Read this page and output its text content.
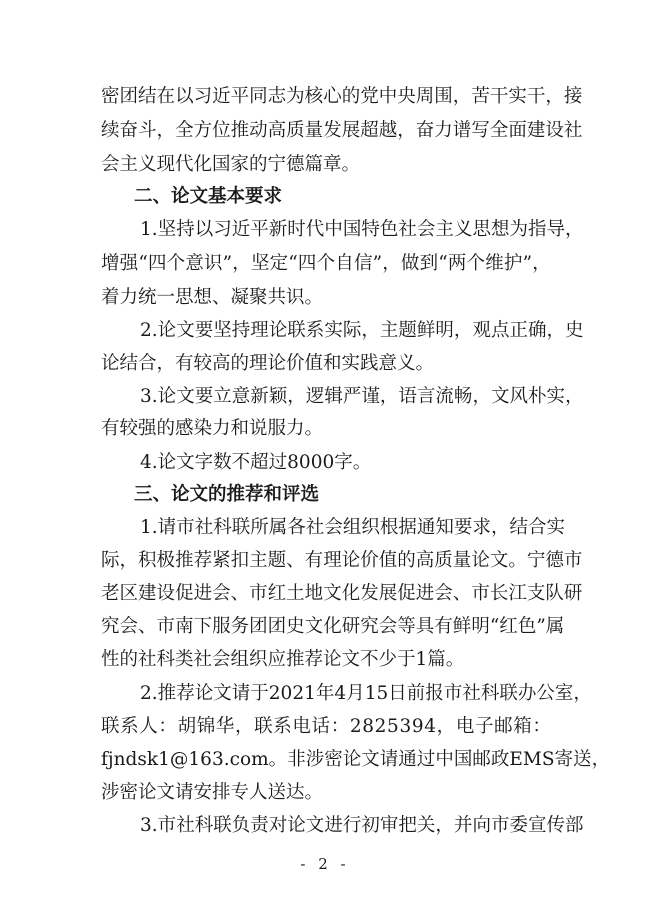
密 团 结 在 以 习 近 平 同 志 为 核 心 的 党 中 央 周 围 ， 苦 干 实 干 ， 接
续 奋 斗 ， 全 方 位 推 动 高 质 量 发 展 超 越 ， 奋 力 谱 写 全 面 建 设 社
会主义现代化国家的宁德篇章。
二、论文基本要求
1 . 坚 持 以 习 近 平 新 时 代 中 国 特 色 社 会 主 义 思 想 为 指 导 ，
增 强 “ 四 个 意 识 ” ， 坚 定 “ 四 个 自 信 ” ， 做 到 “ 两 个 维 护 ” ，
着力统一思想、凝聚共识。
2 . 论 文 要 坚 持 理 论 联 系 实 际 ， 主 题 鲜 明 ， 观 点 正 确 ， 史
论结合，有较高的理论价值和实践意义。
3 . 论 文 要 立 意 新 颖 ， 逻 辑 严 谨 ， 语 言 流 畅 ， 文 风 朴 实 ，
有较强的感染力和说服力。
4.论文字数不超过8000字。
三、论文的推荐和评选
1 . 请 市 社 科 联 所 属 各 社 会 组 织 根 据 通 知 要 求 ， 结 合 实
际 ， 积 极 推 荐 紧 扣 主 题 、 有 理 论 价 值 的 高 质 量 论 文 。 宁 德 市
老 区 建 设 促 进 会 、 市 红 土 地 文 化 发 展 促 进 会 、 市 长 江 支 队 研
究 会 、 市 南 下 服 务 团 团 史 文 化 研 究 会 等 具 有 鲜 明 “ 红 色 ” 属
性的社科类社会组织应推荐论文不少于1篇。
2 . 推 荐 论 文 请 于 2 0 2 1 年 4 月 1 5 日 前 报 市 社 科 联 办 公 室 ，
联 系 人 ： 胡 锦 华 ， 联 系 电 话 ： 2 8 2 5 3 9 4 ， 电 子 邮 箱 ：
f j n d s k 1 @ 1 6 3 . c o m 。 非 涉 密 论 文 请 通 过 中 国 邮 政 E M S 寄 送 ，
涉密论文请安排专人送达。
3 . 市 社 科 联 负 责 对 论 文 进 行 初 审 把 关 ， 并 向 市 委 宣 传 部
- 2 -
